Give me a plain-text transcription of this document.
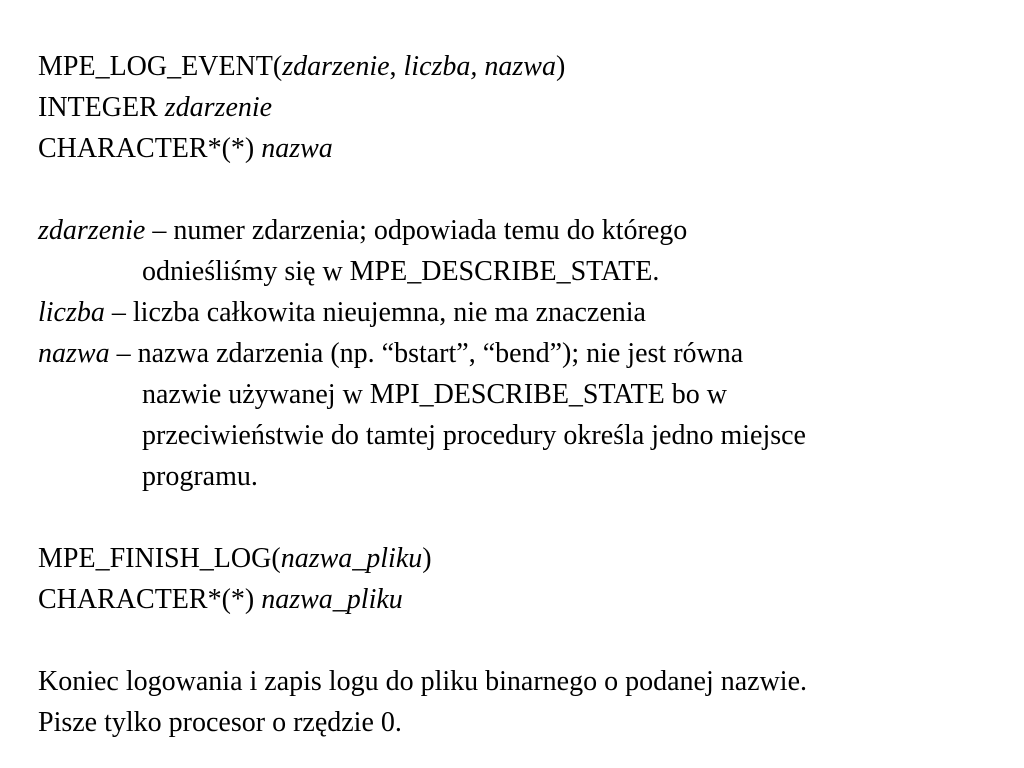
MPE_LOG_EVENT(zdarzenie, liczba, nazwa)
INTEGER zdarzenie
CHARACTER*(*) nazwa
zdarzenie – numer zdarzenia; odpowiada temu do którego
odnieśliśmy się w MPE_DESCRIBE_STATE.
liczba – liczba całkowita nieujemna, nie ma znaczenia
nazwa – nazwa zdarzenia (np. “bstart”, “bend”); nie jest równa
nazwie używanej w MPI_DESCRIBE_STATE bo w
przeciwieństwie do tamtej procedury określa jedno miejsce
programu.
MPE_FINISH_LOG(nazwa_pliku)
CHARACTER*(*) nazwa_pliku
Koniec logowania i zapis logu do pliku binarnego o podanej nazwie.
Pisze tylko procesor o rzędzie 0.
